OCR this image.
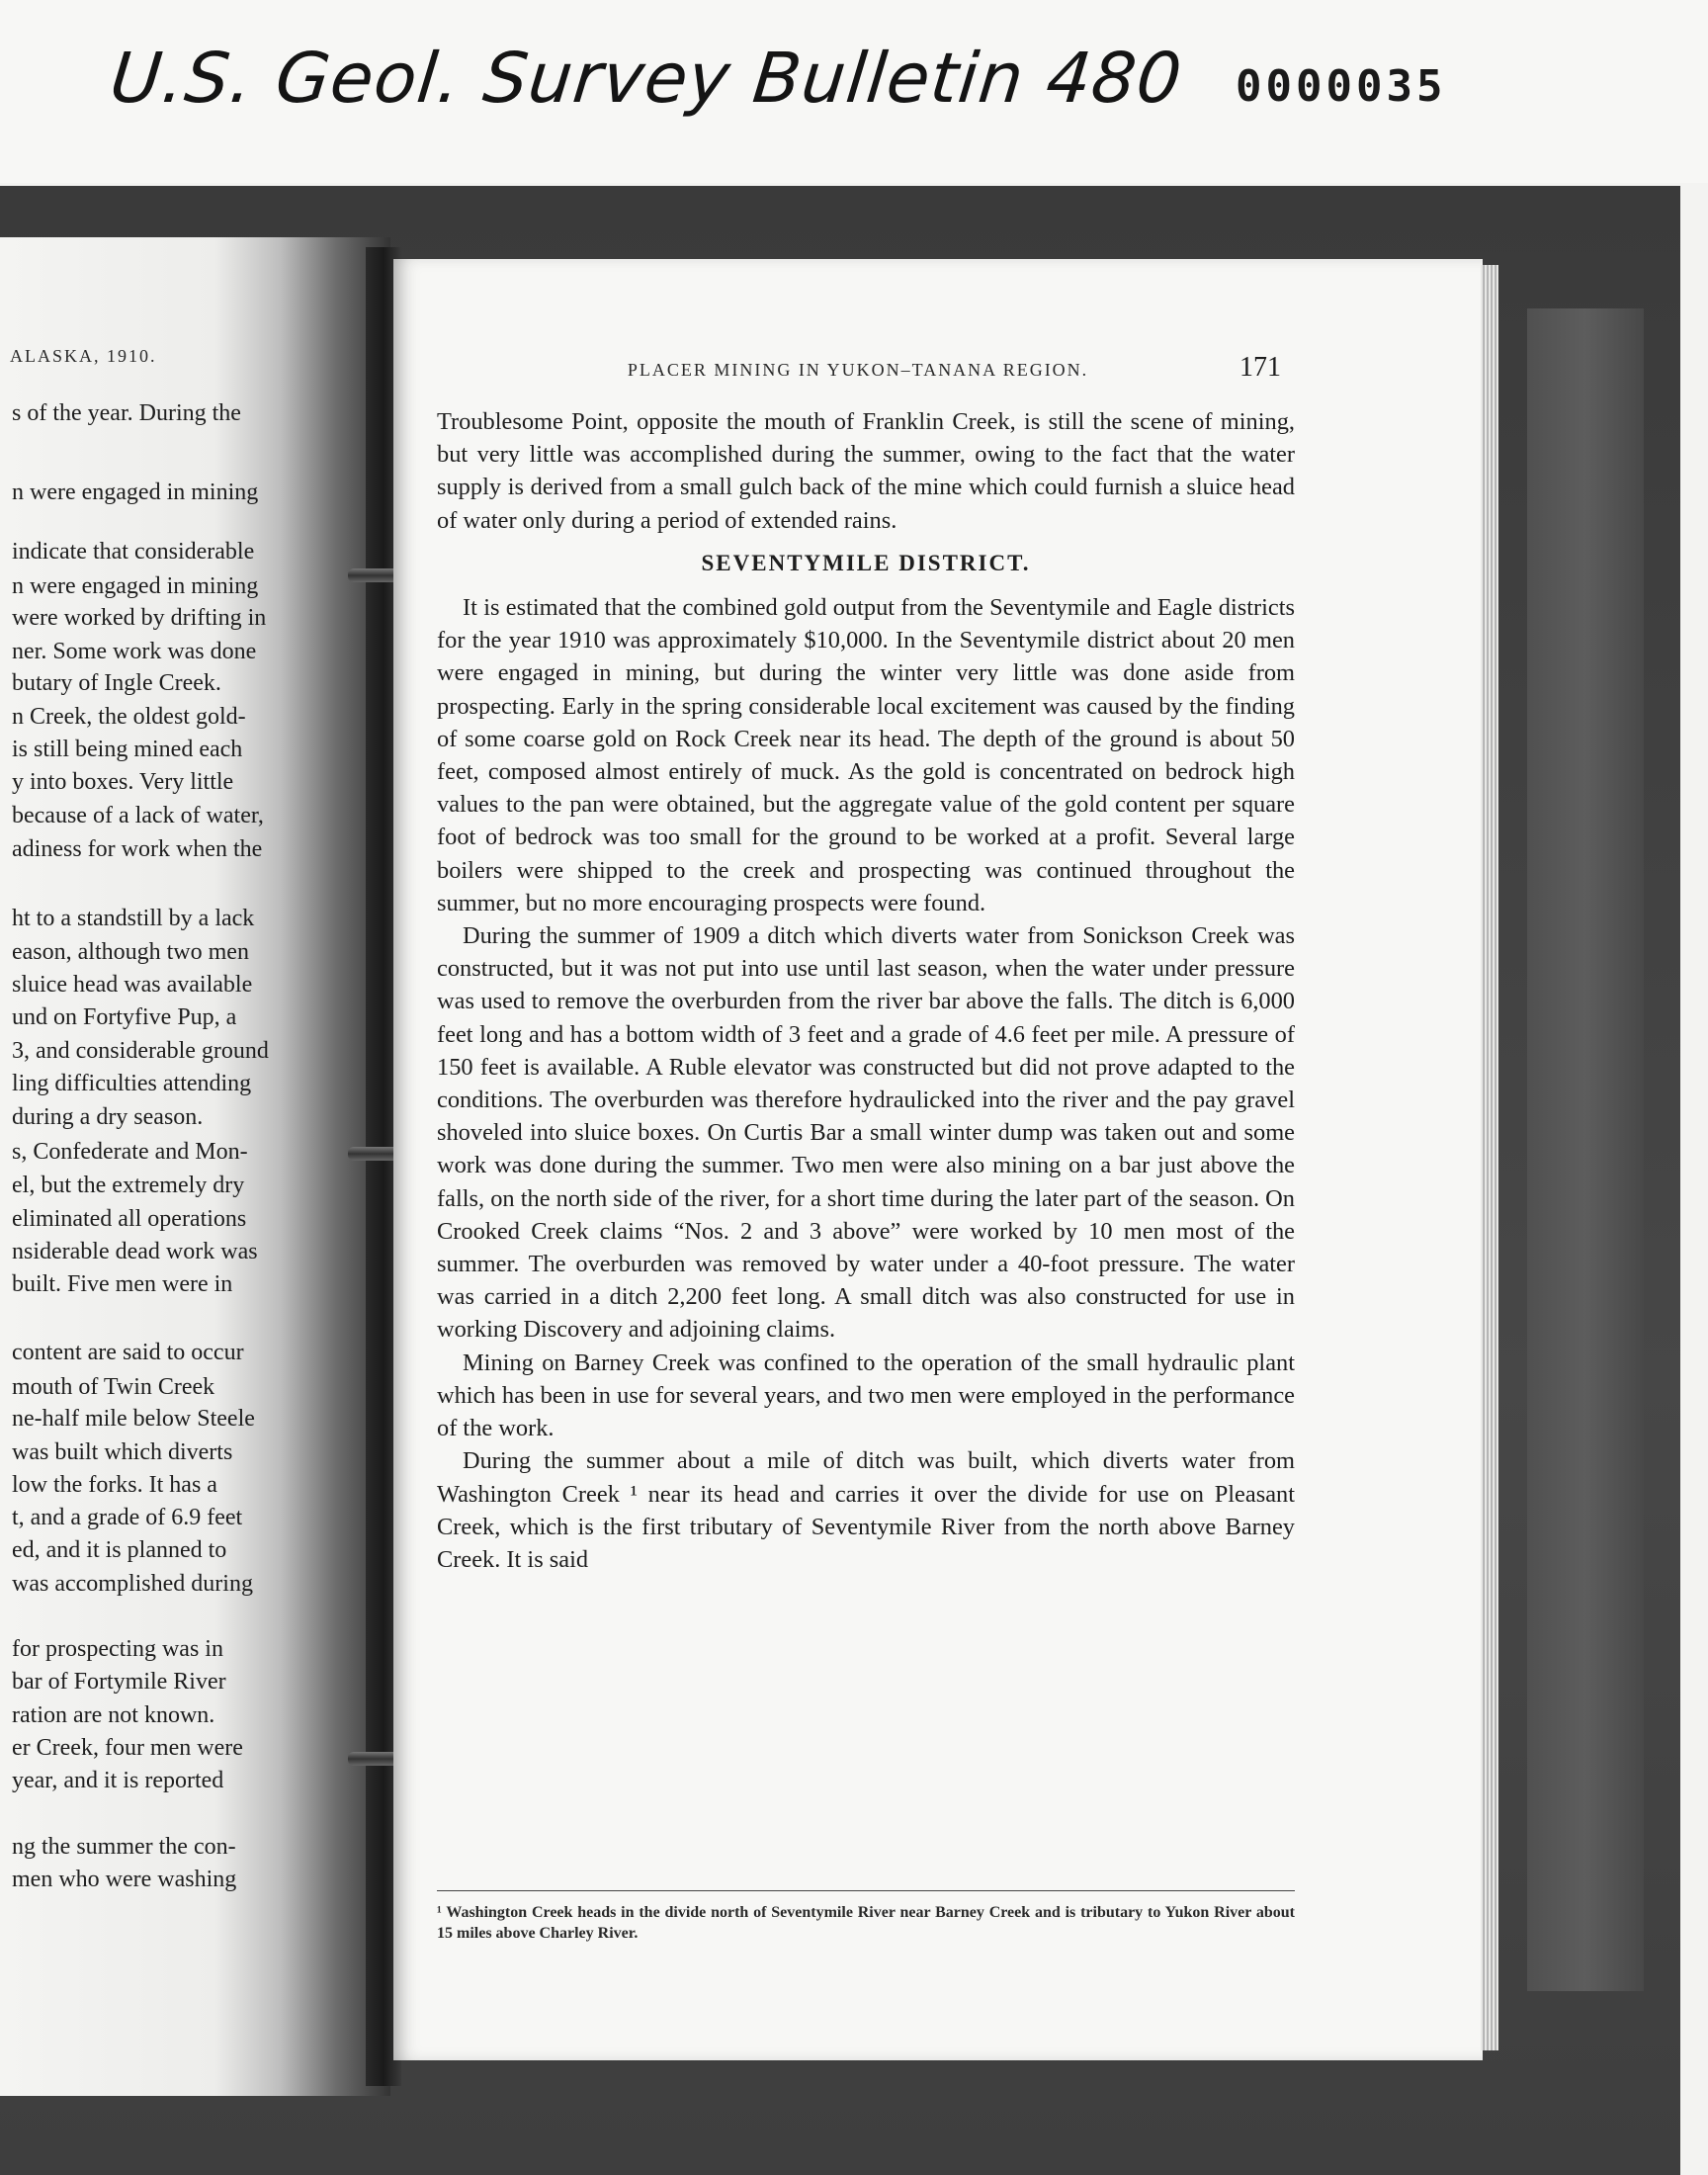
U.S. Geol. Survey Bulletin 480 0000035
ALASKA, 1910.
s of the year. During the
n were engaged in mining
indicate that considerable
n were engaged in mining
were worked by drifting in
ner. Some work was done
butary of Ingle Creek.
n Creek, the oldest gold-
is still being mined each
y into boxes. Very little
because of a lack of water,
adiness for work when the
ht to a standstill by a lack
eason, although two men
sluice head was available
und on Fortyfive Pup, a
3, and considerable ground
ling difficulties attending
during a dry season.
s, Confederate and Mon-
el, but the extremely dry
eliminated all operations
nsiderable dead work was
built. Five men were in
content are said to occur
mouth of Twin Creek
ne-half mile below Steele
was built which diverts
low the forks. It has a
t, and a grade of 6.9 feet
ed, and it is planned to
was accomplished during
for prospecting was in
bar of Fortymile River
ration are not known.
er Creek, four men were
year, and it is reported
ng the summer the con-
men who were washing
PLACER MINING IN YUKON–TANANA REGION.	171

Troublesome Point, opposite the mouth of Franklin Creek, is still the scene of mining, but very little was accomplished during the summer, owing to the fact that the water supply is derived from a small gulch back of the mine which could furnish a sluice head of water only during a period of extended rains.

SEVENTYMILE DISTRICT.

It is estimated that the combined gold output from the Seventymile and Eagle districts for the year 1910 was approximately $10,000. In the Seventymile district about 20 men were engaged in mining, but during the winter very little was done aside from prospecting. Early in the spring considerable local excitement was caused by the finding of some coarse gold on Rock Creek near its head. The depth of the ground is about 50 feet, composed almost entirely of muck. As the gold is concentrated on bedrock high values to the pan were obtained, but the aggregate value of the gold content per square foot of bedrock was too small for the ground to be worked at a profit. Several large boilers were shipped to the creek and prospecting was continued throughout the summer, but no more encouraging prospects were found.

During the summer of 1909 a ditch which diverts water from Sonickson Creek was constructed, but it was not put into use until last season, when the water under pressure was used to remove the overburden from the river bar above the falls. The ditch is 6,000 feet long and has a bottom width of 3 feet and a grade of 4.6 feet per mile. A pressure of 150 feet is available. A Ruble elevator was constructed but did not prove adapted to the conditions. The overburden was therefore hydraulicked into the river and the pay gravel shoveled into sluice boxes. On Curtis Bar a small winter dump was taken out and some work was done during the summer. Two men were also mining on a bar just above the falls, on the north side of the river, for a short time during the later part of the season. On Crooked Creek claims “Nos. 2 and 3 above” were worked by 10 men most of the summer. The overburden was removed by water under a 40-foot pressure. The water was carried in a ditch 2,200 feet long. A small ditch was also constructed for use in working Discovery and adjoining claims.

Mining on Barney Creek was confined to the operation of the small hydraulic plant which has been in use for several years, and two men were employed in the performance of the work.

During the summer about a mile of ditch was built, which diverts water from Washington Creek ¹ near its head and carries it over the divide for use on Pleasant Creek, which is the first tributary of Seventymile River from the north above Barney Creek. It is said

¹ Washington Creek heads in the divide north of Seventymile River near Barney Creek and is tributary to Yukon River about 15 miles above Charley River.
